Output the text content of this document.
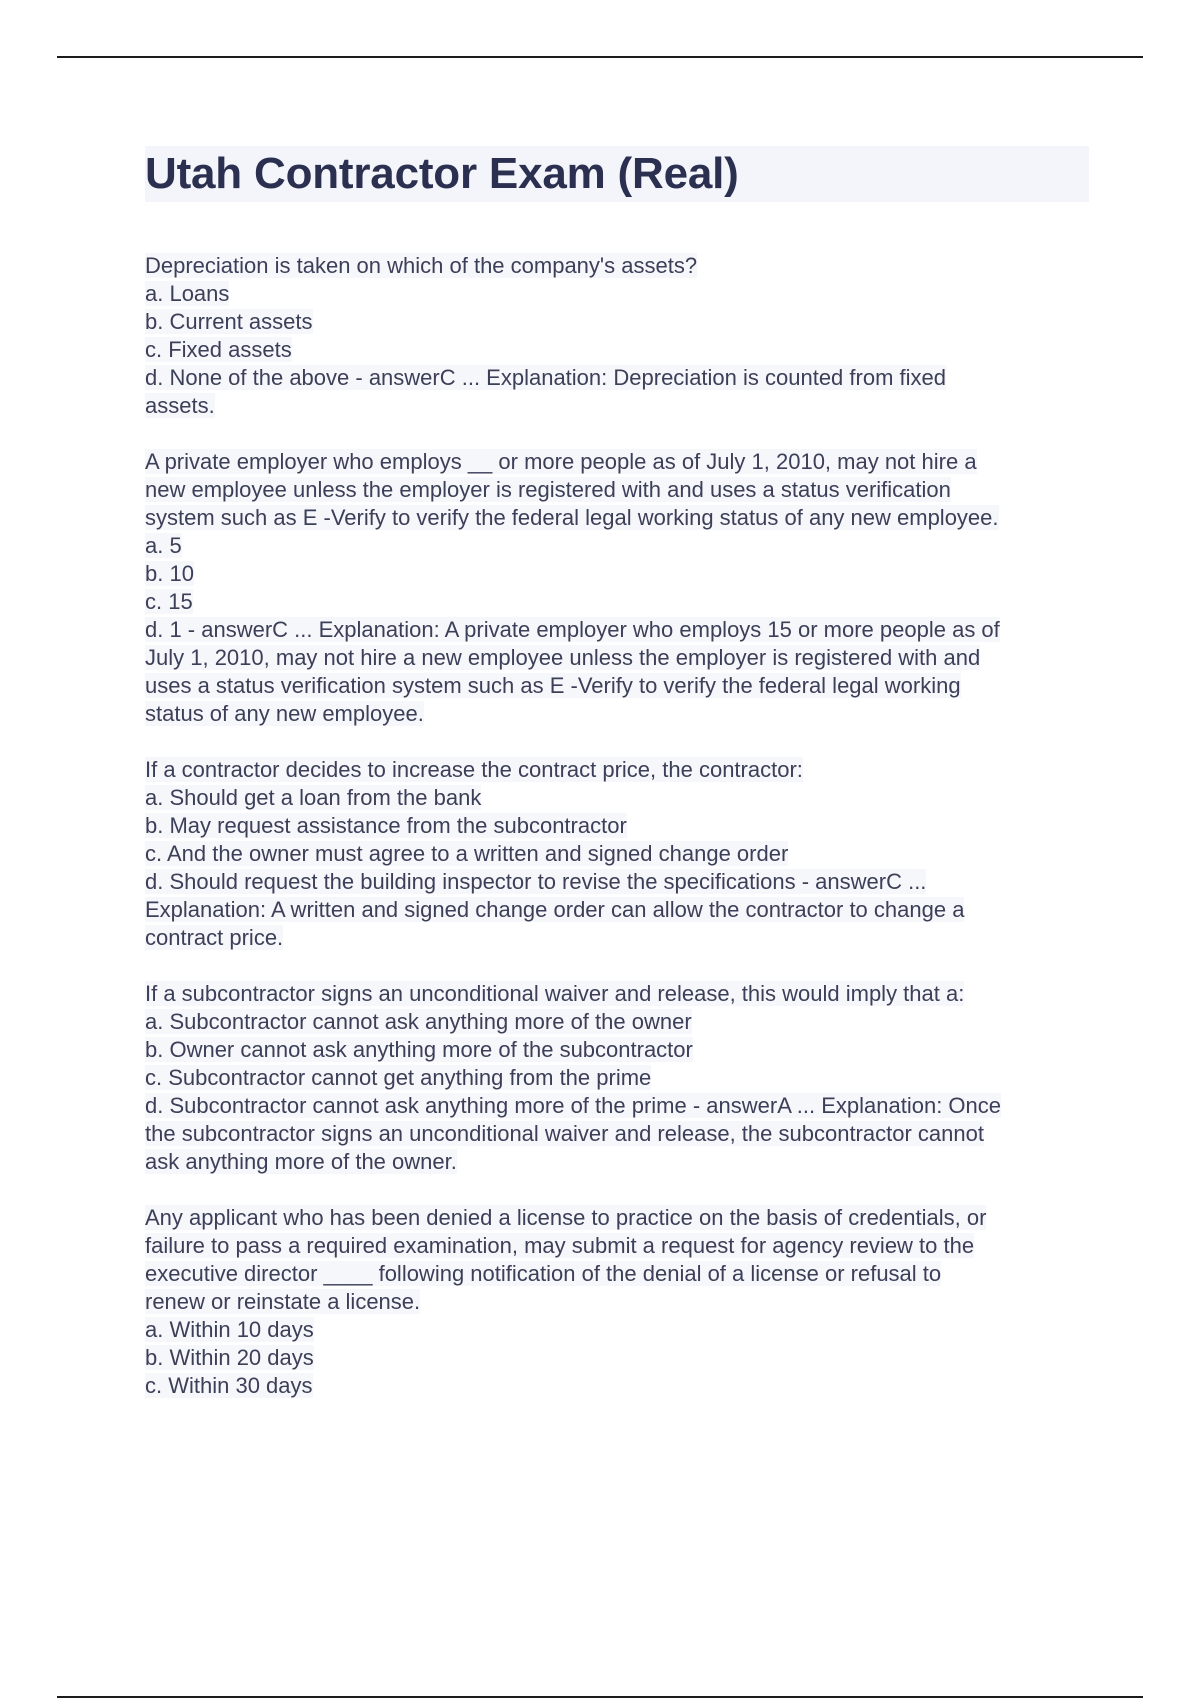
Utah Contractor Exam (Real)
Depreciation is taken on which of the company's assets?
a. Loans
b. Current assets
c. Fixed assets
d. None of the above - answerC ... Explanation: Depreciation is counted from fixed
assets.
A private employer who employs __ or more people as of July 1, 2010, may not hire a
new employee unless the employer is registered with and uses a status verification
system such as E -Verify to verify the federal legal working status of any new employee.
a. 5
b. 10
c. 15
d. 1 - answerC ... Explanation: A private employer who employs 15 or more people as of
July 1, 2010, may not hire a new employee unless the employer is registered with and
uses a status verification system such as E -Verify to verify the federal legal working
status of any new employee.
If a contractor decides to increase the contract price, the contractor:
a. Should get a loan from the bank
b. May request assistance from the subcontractor
c. And the owner must agree to a written and signed change order
d. Should request the building inspector to revise the specifications - answerC ...
Explanation: A written and signed change order can allow the contractor to change a
contract price.
If a subcontractor signs an unconditional waiver and release, this would imply that a:
a. Subcontractor cannot ask anything more of the owner
b. Owner cannot ask anything more of the subcontractor
c. Subcontractor cannot get anything from the prime
d. Subcontractor cannot ask anything more of the prime - answerA ... Explanation: Once
the subcontractor signs an unconditional waiver and release, the subcontractor cannot
ask anything more of the owner.
Any applicant who has been denied a license to practice on the basis of credentials, or
failure to pass a required examination, may submit a request for agency review to the
executive director ____ following notification of the denial of a license or refusal to
renew or reinstate a license.
a. Within 10 days
b. Within 20 days
c. Within 30 days
